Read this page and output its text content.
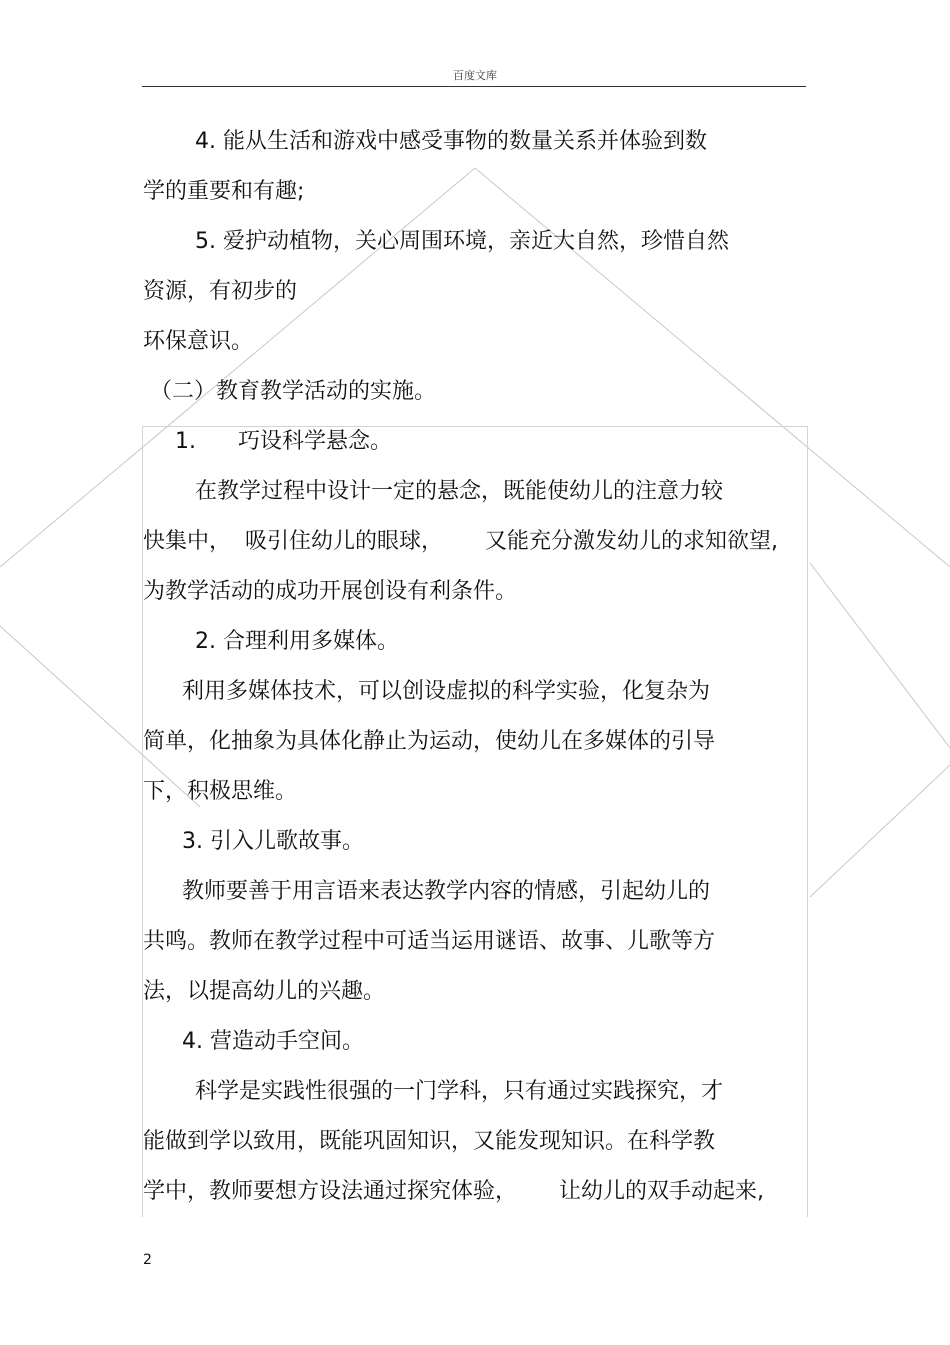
百度文库
4. 能从生活和游戏中感受事物的数量关系并体验到数
学的重要和有趣;
5. 爱护动植物，关心周围环境，亲近大自然，珍惜自然
资源，有初步的
环保意识。
（二）教育教学活动的实施。
1.      巧设科学悬念。
在教学过程中设计一定的悬念，既能使幼儿的注意力较
快集中，  吸引住幼儿的眼球，      又能充分激发幼儿的求知欲望,
为教学活动的成功开展创设有利条件。
2. 合理利用多媒体。
利用多媒体技术，可以创设虚拟的科学实验，化复杂为
简单，化抽象为具体化静止为运动，使幼儿在多媒体的引导
下，积极思维。
3. 引入儿歌故事。
教师要善于用言语来表达教学内容的情感，引起幼儿的
共鸣。教师在教学过程中可适当运用谜语、故事、儿歌等方
法，以提高幼儿的兴趣。
4. 营造动手空间。
科学是实践性很强的一门学科，只有通过实践探究，才
能做到学以致用，既能巩固知识，又能发现知识。在科学教
学中，教师要想方设法通过探究体验，      让幼儿的双手动起来,
2
